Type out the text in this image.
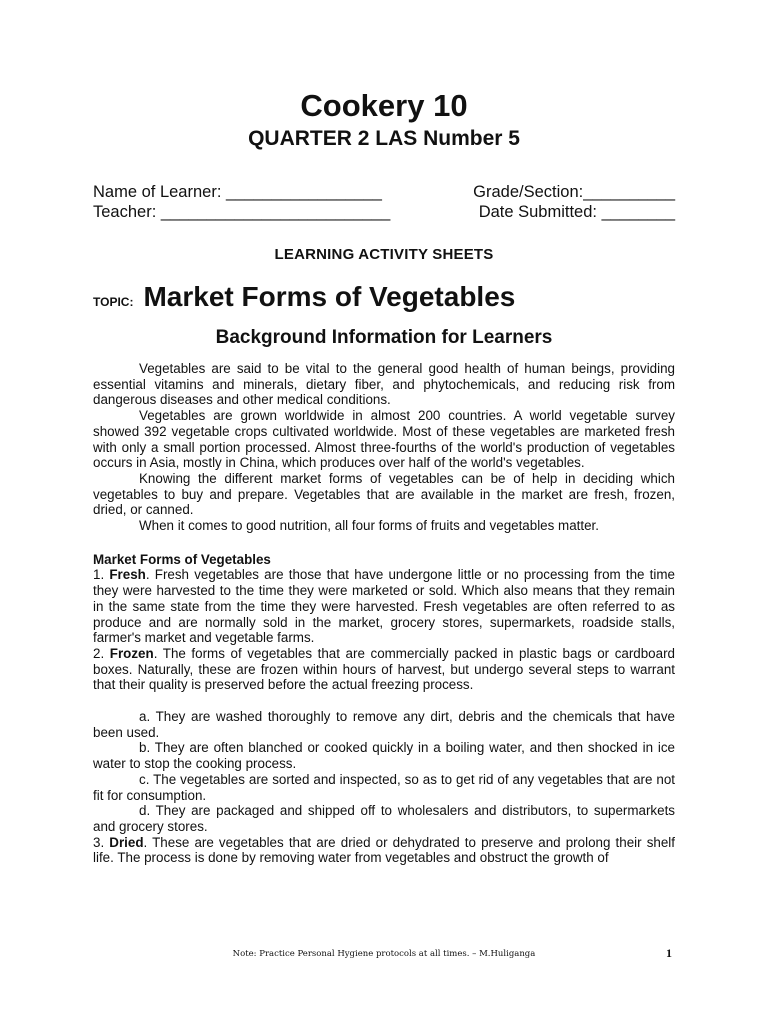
Cookery 10
QUARTER 2 LAS Number 5
Name of Learner: _________________	Grade/Section:__________
Teacher: _________________________	Date Submitted: ________
LEARNING ACTIVITY SHEETS
TOPIC: Market Forms of Vegetables
Background Information for Learners

Vegetables are said to be vital to the general good health of human beings, providing essential vitamins and minerals, dietary fiber, and phytochemicals, and reducing risk from dangerous diseases and other medical conditions.

Vegetables are grown worldwide in almost 200 countries. A world vegetable survey showed 392 vegetable crops cultivated worldwide. Most of these vegetables are marketed fresh with only a small portion processed. Almost three-fourths of the world's production of vegetables occurs in Asia, mostly in China, which produces over half of the world's vegetables.

Knowing the different market forms of vegetables can be of help in deciding which vegetables to buy and prepare. Vegetables that are available in the market are fresh, frozen, dried, or canned.

When it comes to good nutrition, all four forms of fruits and vegetables matter.

Market Forms of Vegetables

1. Fresh. Fresh vegetables are those that have undergone little or no processing from the time they were harvested to the time they were marketed or sold. Which also means that they remain in the same state from the time they were harvested. Fresh vegetables are often referred to as produce and are normally sold in the market, grocery stores, supermarkets, roadside stalls, farmer's market and vegetable farms.

2. Frozen. The forms of vegetables that are commercially packed in plastic bags or cardboard boxes. Naturally, these are frozen within hours of harvest, but undergo several steps to warrant that their quality is preserved before the actual freezing process.

a. They are washed thoroughly to remove any dirt, debris and the chemicals that have been used.

b. They are often blanched or cooked quickly in a boiling water, and then shocked in ice water to stop the cooking process.

c. The vegetables are sorted and inspected, so as to get rid of any vegetables that are not fit for consumption.

d. They are packaged and shipped off to wholesalers and distributors, to supermarkets and grocery stores.

3. Dried. These are vegetables that are dried or dehydrated to preserve and prolong their shelf life. The process is done by removing water from vegetables and obstruct the growth of

Note: Practice Personal Hygiene protocols at all times. – M.Huliganga	1
